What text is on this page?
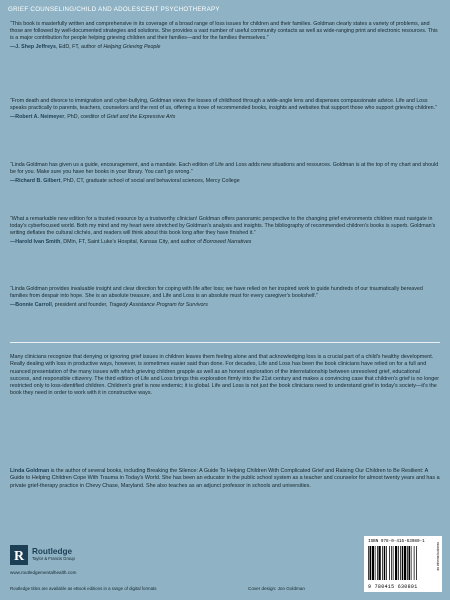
GRIEF COUNSELING/CHILD AND ADOLESCENT PSYCHOTHERAPY

“This book is masterfully written and comprehensive in its coverage of a broad range of loss issues for children and their families. Goldman clearly states a variety of problems, and those are followed by well-documented strategies and solutions. She provides a vast number of useful community contacts as well as wide-ranging print and electronic resources. This is a major contribution for people helping grieving children and their families—and for the families themselves.”

—J. Shep Jeffreys, EdD, FT, author of Helping Grieving People

“From death and divorce to immigration and cyber-bullying, Goldman views the losses of childhood through a wide-angle lens and dispenses compassionate advice. Life and Loss speaks practically to parents, teachers, counselors and the rest of us, offering a trove of recommended books, insights and websites that support those who support grieving children.”

—Robert A. Neimeyer, PhD, coeditor of Grief and the Expressive Arts

“Linda Goldman has given us a guide, encouragement, and a mandate. Each edition of Life and Loss adds new situations and resources. Goldman is at the top of my chart and should be for you. Make sure you have her books in your library. You can't go wrong.”

—Richard B. Gilbert, PhD, CT, graduate school of social and behavioral sciences, Mercy College

“What a remarkable new edition for a trusted resource by a trustworthy clinician! Goldman offers panoramic perspective to the changing grief environments children must navigate in today's cyberfocused world. Both my mind and my heart were stretched by Goldman's analysis and insights. The bibliography of recommended children's books is superb. Goldman's writing deflates the cultural clichés, and readers will think about this book long after they have finished it.”

—Harold Ivan Smith, DMin, FT, Saint Luke's Hospital, Kansas City, and author of Borrowed Narratives

“Linda Goldman provides invaluable insight and clear direction for coping with life after loss; we have relied on her inspired work to guide hundreds of our traumatically bereaved families from despair into hope. She is an absolute treasure, and Life and Loss is an absolute must for every caregiver's bookshelf.”

—Bonnie Carroll, president and founder, Tragedy Assistance Program for Survivors

Many clinicians recognize that denying or ignoring grief issues in children leaves them feeling alone and that acknowledging loss is a crucial part of a child's healthy development. Really dealing with loss in productive ways, however, is sometimes easier said than done. For decades, Life and Loss has been the book clinicians have relied on for a full and nuanced presentation of the many issues with which grieving children grapple as well as an honest exploration of the interrelationship between unresolved grief, educational success, and responsible citizenry. The third edition of Life and Loss brings this exploration firmly into the 21st century and makes a convincing case that children's grief is no longer restricted only to loss-identified children. Children's grief is now endemic; it is global. Life and Loss is not just the book clinicians need to understand grief in today's society—it's the book they need in order to work with it in constructive ways.

Linda Goldman is the author of several books, including Breaking the Silence: A Guide To Helping Children With Complicated Grief and Raising Our Children to Be Resilient: A Guide to Helping Children Cope With Trauma in Today's World. She has been an educator in the public school system as a teacher and counselor for almost twenty years and has a private grief-therapy practice in Chevy Chase, Maryland. She also teaches as an adjunct professor in schools and universities.

R Routledge
Taylor & Francis Group
www.routledgementalhealth.com
Routledge titles are available as eBook editions in a range of digital formats	Cover design: Jon Goldman
ISBN 978-0-415-63080-1
an informa business
9 780415 630801
